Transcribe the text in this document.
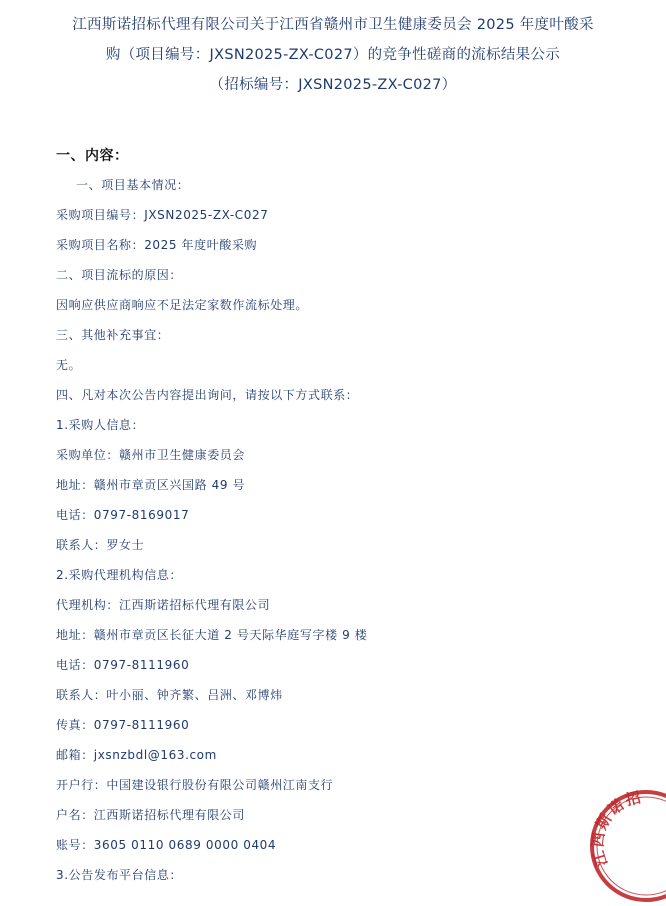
江西斯诺招标代理有限公司关于江西省赣州市卫生健康委员会 2025 年度叶酸采
购（项目编号：JXSN2025-ZX-C027）的竞争性磋商的流标结果公示
（招标编号：JXSN2025-ZX-C027）
一、内容：
一、项目基本情况：
采购项目编号：JXSN2025-ZX-C027
采购项目名称：2025 年度叶酸采购
二、项目流标的原因：
因响应供应商响应不足法定家数作流标处理。
三、其他补充事宜：
无。
四、凡对本次公告内容提出询问，请按以下方式联系：
1.采购人信息：
采购单位：赣州市卫生健康委员会
地址：赣州市章贡区兴国路 49 号
电话：0797-8169017
联系人：罗女士
2.采购代理机构信息：
代理机构：江西斯诺招标代理有限公司
地址：赣州市章贡区长征大道 2 号天际华庭写字楼 9 楼
电话：0797-8111960
联系人：叶小丽、钟齐繁、吕洲、邓博炜
传真：0797-8111960
邮箱：jxsnzbdl@163.com
开户行：中国建设银行股份有限公司赣州江南支行
户名：江西斯诺招标代理有限公司
账号：3605 0110 0689 0000 0404
3.公告发布平台信息：
江西斯诺招
